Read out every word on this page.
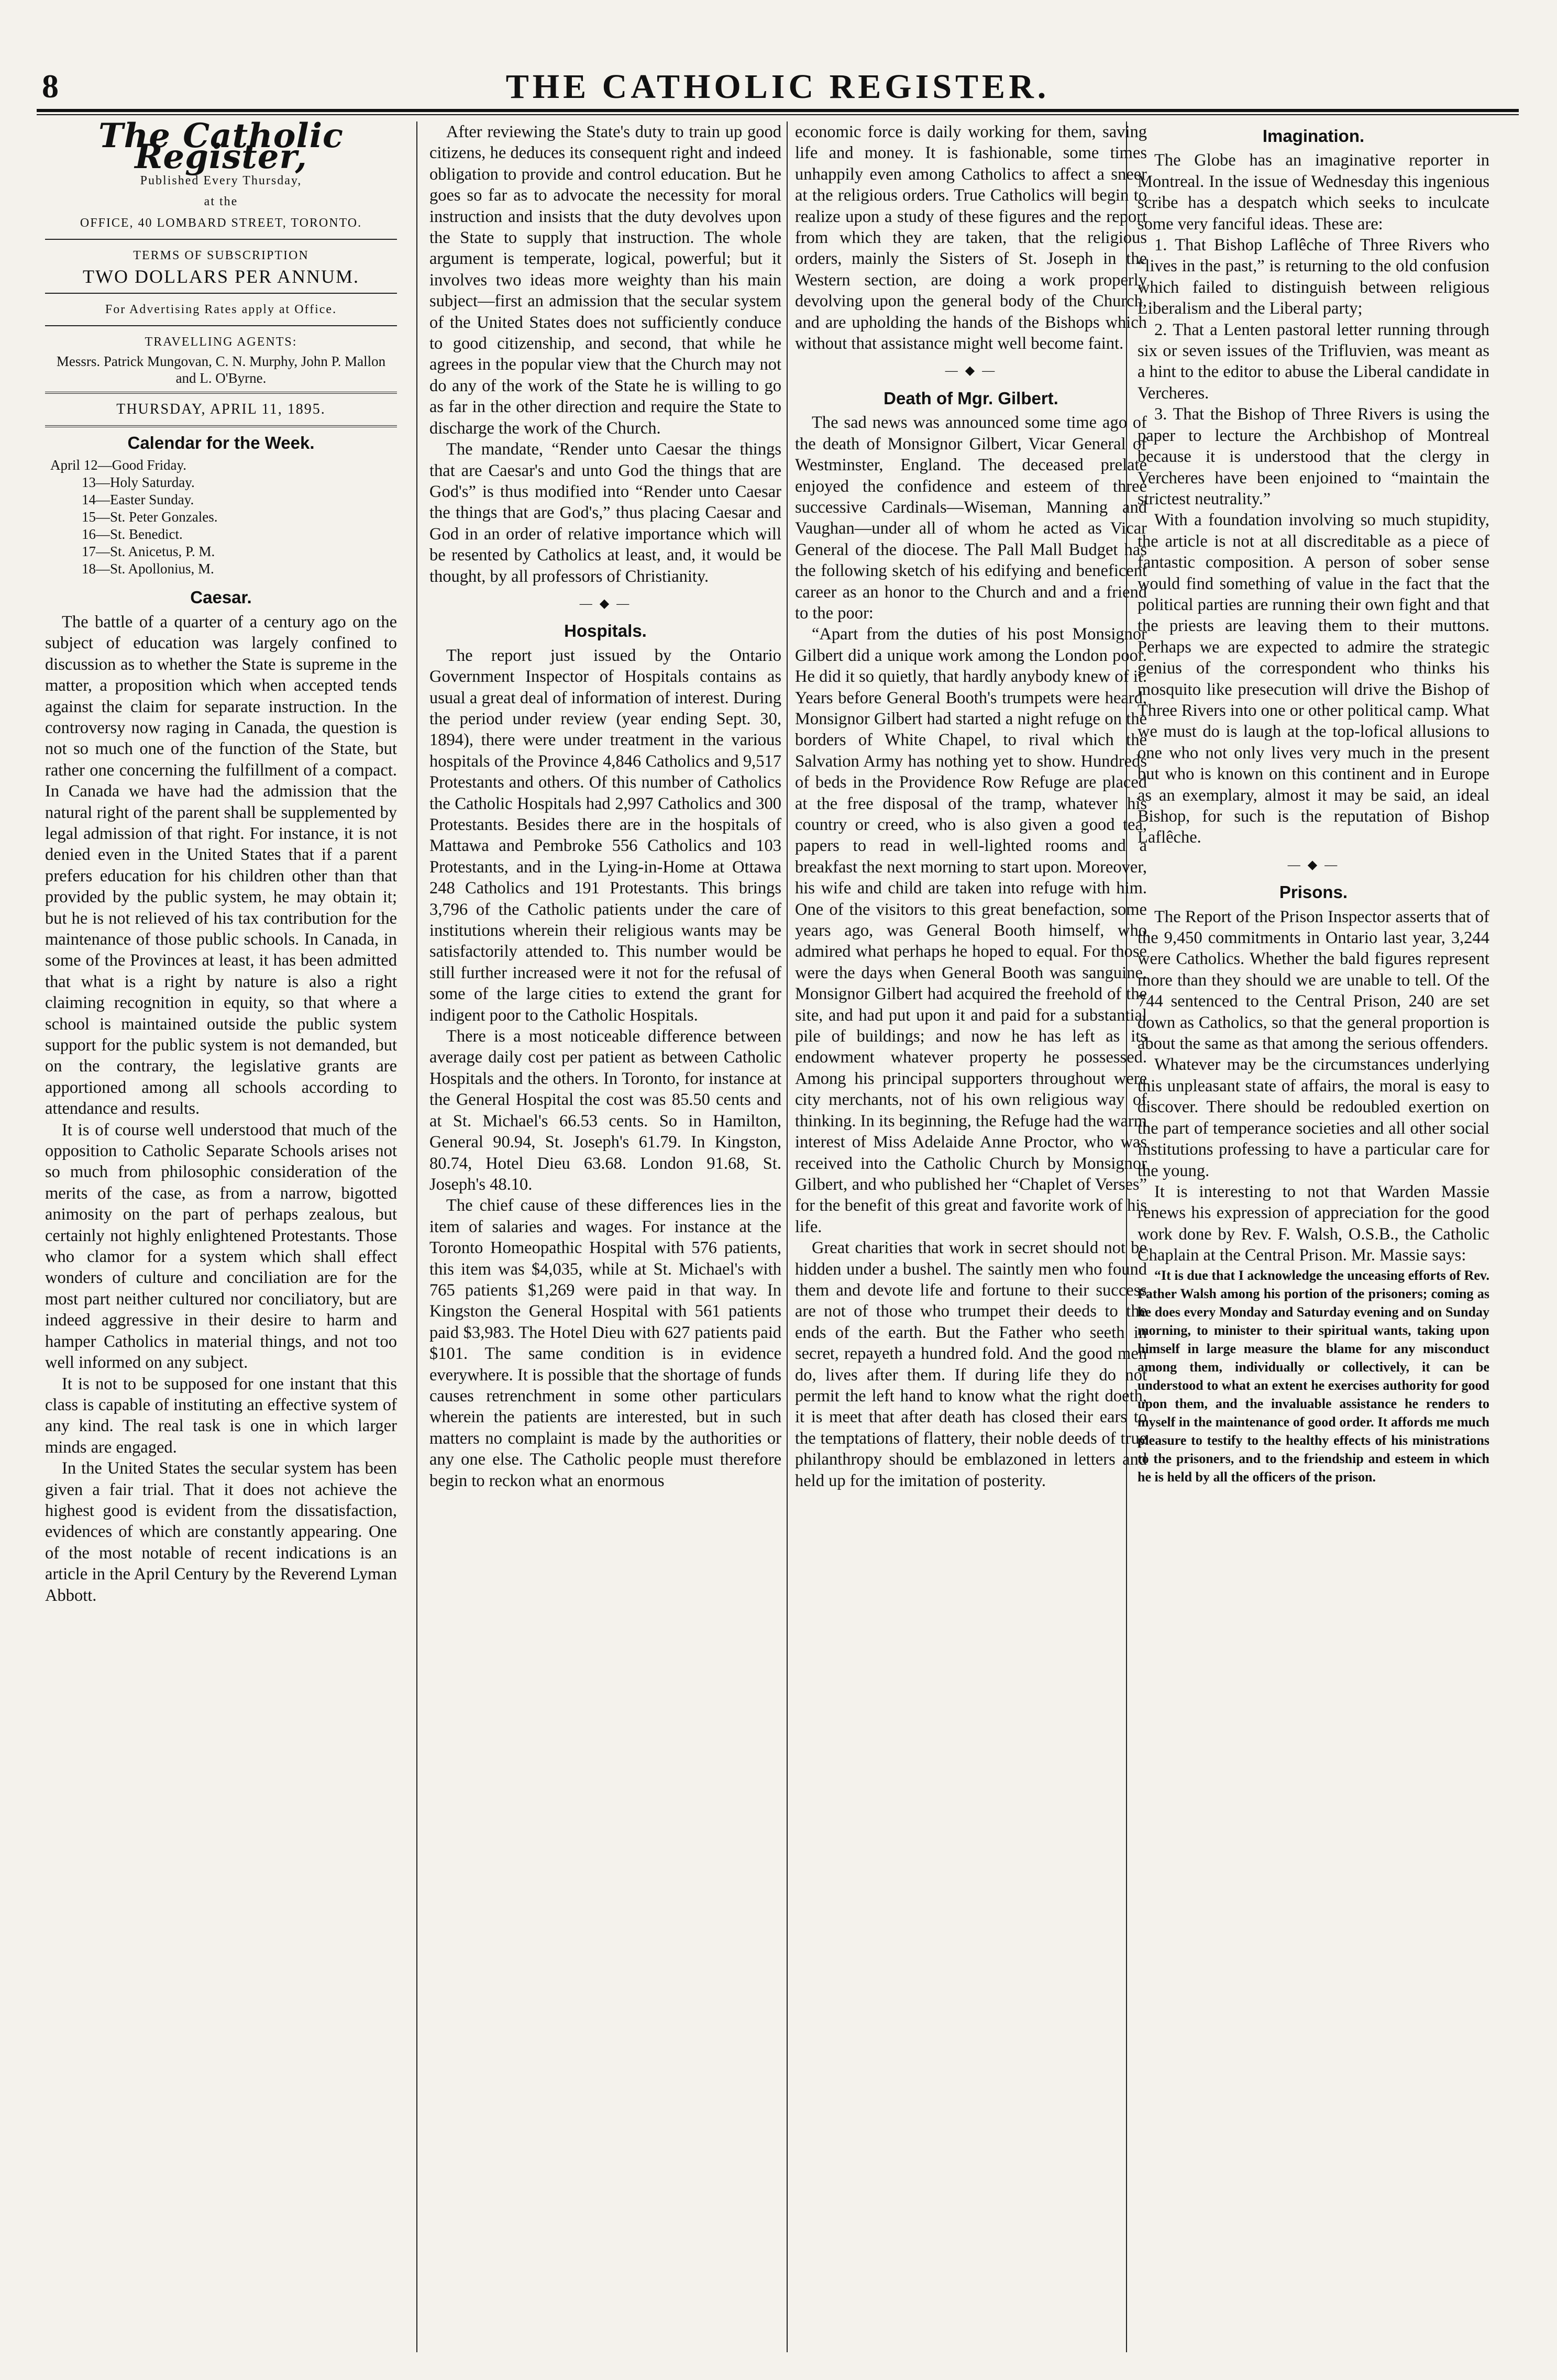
8	THE CATHOLIC REGISTER.
The Catholic Register,
Published Every Thursday,
at the
OFFICE, 40 LOMBARD STREET, TORONTO.
TERMS OF SUBSCRIPTION
TWO DOLLARS PER ANNUM.
For Advertising Rates apply at Office.
TRAVELLING AGENTS:

Messrs. Patrick Mungovan, C. N. Murphy, John P. Mallon and L. O'Byrne.

THURSDAY, APRIL 11, 1895.
Calendar for the Week.
April 12—Good Friday.
13—Holy Saturday.
14—Easter Sunday.
15—St. Peter Gonzales.
16—St. Benedict.
17—St. Anicetus, P. M.
18—St. Apollonius, M.
Caesar.

The battle of a quarter of a century ago on the subject of education was largely confined to discussion as to whether the State is supreme in the matter, a proposition which when accepted tends against the claim for separate instruction. In the controversy now raging in Canada, the question is not so much one of the function of the State, but rather one concerning the fulfillment of a compact. In Canada we have had the admission that the natural right of the parent shall be supplemented by legal admission of that right. For instance, it is not denied even in the United States that if a parent prefers education for his children other than that provided by the public system, he may obtain it; but he is not relieved of his tax contribution for the maintenance of those public schools. In Canada, in some of the Provinces at least, it has been admitted that what is a right by nature is also a right claiming recognition in equity, so that where a school is maintained outside the public system support for the public system is not demanded, but on the contrary, the legislative grants are apportioned among all schools according to attendance and results.

It is of course well understood that much of the opposition to Catholic Separate Schools arises not so much from philosophic consideration of the merits of the case, as from a narrow, bigotted animosity on the part of perhaps zealous, but certainly not highly enlightened Protestants. Those who clamor for a system which shall effect wonders of culture and conciliation are for the most part neither cultured nor conciliatory, but are indeed aggressive in their desire to harm and hamper Catholics in material things, and not too well informed on any subject.

It is not to be supposed for one instant that this class is capable of instituting an effective system of any kind. The real task is one in which larger minds are engaged.

In the United States the secular system has been given a fair trial. That it does not achieve the highest good is evident from the dissatisfaction, evidences of which are constantly appearing. One of the most notable of recent indications is an article in the April Century by the Reverend Lyman Abbott.

After reviewing the State's duty to train up good citizens, he deduces its consequent right and indeed obligation to provide and control education. But he goes so far as to advocate the necessity for moral instruction and insists that the duty devolves upon the State to supply that instruction. The whole argument is temperate, logical, powerful; but it involves two ideas more weighty than his main subject—first an admission that the secular system of the United States does not sufficiently conduce to good citizenship, and second, that while he agrees in the popular view that the Church may not do any of the work of the State he is willing to go as far in the other direction and require the State to discharge the work of the Church.

The mandate, “Render unto Caesar the things that are Caesar's and unto God the things that are God's” is thus modified into “Render unto Caesar the things that are God's,” thus placing Caesar and God in an order of relative importance which will be resented by Catholics at least, and, it would be thought, by all professors of Christianity.

— ◆ —
Hospitals.

The report just issued by the Ontario Government Inspector of Hospitals contains as usual a great deal of information of interest. During the period under review (year ending Sept. 30, 1894), there were under treatment in the various hospitals of the Province 4,846 Catholics and 9,517 Protestants and others. Of this number of Catholics the Catholic Hospitals had 2,997 Catholics and 300 Protestants. Besides there are in the hospitals of Mattawa and Pembroke 556 Catholics and 103 Protestants, and in the Lying-in-Home at Ottawa 248 Catholics and 191 Protestants. This brings 3,796 of the Catholic patients under the care of institutions wherein their religious wants may be satisfactorily attended to. This number would be still further increased were it not for the refusal of some of the large cities to extend the grant for indigent poor to the Catholic Hospitals.

There is a most noticeable difference between average daily cost per patient as between Catholic Hospitals and the others. In Toronto, for instance at the General Hospital the cost was 85.50 cents and at St. Michael's 66.53 cents. So in Hamilton, General 90.94, St. Joseph's 61.79. In Kingston, 80.74, Hotel Dieu 63.68. London 91.68, St. Joseph's 48.10.

The chief cause of these differences lies in the item of salaries and wages. For instance at the Toronto Homeopathic Hospital with 576 patients, this item was $4,035, while at St. Michael's with 765 patients $1,269 were paid in that way. In Kingston the General Hospital with 561 patients paid $3,983. The Hotel Dieu with 627 patients paid $101. The same condition is in evidence everywhere. It is possible that the shortage of funds causes retrenchment in some other particulars wherein the patients are interested, but in such matters no complaint is made by the authorities or any one else. The Catholic people must therefore begin to reckon what an enormous

economic force is daily working for them, saving life and money. It is fashionable, some times unhappily even among Catholics to affect a sneer at the religious orders. True Catholics will begin to realize upon a study of these figures and the report from which they are taken, that the religious orders, mainly the Sisters of St. Joseph in the Western section, are doing a work properly devolving upon the general body of the Church, and are upholding the hands of the Bishops which without that assistance might well become faint.

— ◆ —
Death of Mgr. Gilbert.

The sad news was announced some time ago of the death of Monsignor Gilbert, Vicar General of Westminster, England. The deceased prelate enjoyed the confidence and esteem of three successive Cardinals—Wiseman, Manning and Vaughan—under all of whom he acted as Vicar General of the diocese. The Pall Mall Budget has the following sketch of his edifying and beneficent career as an honor to the Church and and a friend to the poor:

“Apart from the duties of his post Monsignor Gilbert did a unique work among the London poor. He did it so quietly, that hardly anybody knew of it. Years before General Booth's trumpets were heard, Monsignor Gilbert had started a night refuge on the borders of White Chapel, to rival which the Salvation Army has nothing yet to show. Hundreds of beds in the Providence Row Refuge are placed at the free disposal of the tramp, whatever his country or creed, who is also given a good tea, papers to read in well-lighted rooms and a breakfast the next morning to start upon. Moreover, his wife and child are taken into refuge with him. One of the visitors to this great benefaction, some years ago, was General Booth himself, who admired what perhaps he hoped to equal. For those were the days when General Booth was sanguine. Monsignor Gilbert had acquired the freehold of the site, and had put upon it and paid for a substantial pile of buildings; and now he has left as its endowment whatever property he possessed. Among his principal supporters throughout were city merchants, not of his own religious way of thinking. In its beginning, the Refuge had the warm interest of Miss Adelaide Anne Proctor, who was received into the Catholic Church by Monsignor Gilbert, and who published her “Chaplet of Verses” for the benefit of this great and favorite work of his life.

Great charities that work in secret should not be hidden under a bushel. The saintly men who found them and devote life and fortune to their success are not of those who trumpet their deeds to the ends of the earth. But the Father who seeth in secret, repayeth a hundred fold. And the good men do, lives after them. If during life they do not permit the left hand to know what the right doeth, it is meet that after death has closed their ears to the temptations of flattery, their noble deeds of true philanthropy should be emblazoned in letters and held up for the imitation of posterity.

Imagination.

The Globe has an imaginative reporter in Montreal. In the issue of Wednesday this ingenious scribe has a despatch which seeks to inculcate some very fanciful ideas. These are:

1. That Bishop Laflêche of Three Rivers who “lives in the past,” is returning to the old confusion which failed to distinguish between religious Liberalism and the Liberal party;

2. That a Lenten pastoral letter running through six or seven issues of the Trifluvien, was meant as a hint to the editor to abuse the Liberal candidate in Vercheres.

3. That the Bishop of Three Rivers is using the paper to lecture the Archbishop of Montreal because it is understood that the clergy in Vercheres have been enjoined to “maintain the strictest neutrality.”

With a foundation involving so much stupidity, the article is not at all discreditable as a piece of fantastic composition. A person of sober sense would find something of value in the fact that the political parties are running their own fight and that the priests are leaving them to their muttons. Perhaps we are expected to admire the strategic genius of the correspondent who thinks his mosquito like presecution will drive the Bishop of Three Rivers into one or other political camp. What we must do is laugh at the top-lofical allusions to one who not only lives very much in the present but who is known on this continent and in Europe as an exemplary, almost it may be said, an ideal Bishop, for such is the reputation of Bishop Laflêche.

— ◆ —
Prisons.

The Report of the Prison Inspector asserts that of the 9,450 commitments in Ontario last year, 3,244 were Catholics. Whether the bald figures represent more than they should we are unable to tell. Of the 744 sentenced to the Central Prison, 240 are set down as Catholics, so that the general proportion is about the same as that among the serious offenders.

Whatever may be the circumstances underlying this unpleasant state of affairs, the moral is easy to discover. There should be redoubled exertion on the part of temperance societies and all other social institutions professing to have a particular care for the young.

It is interesting to not that Warden Massie renews his expression of appreciation for the good work done by Rev. F. Walsh, O.S.B., the Catholic Chaplain at the Central Prison. Mr. Massie says:

“It is due that I acknowledge the unceasing efforts of Rev. Father Walsh among his portion of the prisoners; coming as he does every Monday and Saturday evening and on Sunday morning, to minister to their spiritual wants, taking upon himself in large measure the blame for any misconduct among them, individually or collectively, it can be understood to what an extent he exercises authority for good upon them, and the invaluable assistance he renders to myself in the maintenance of good order. It affords me much pleasure to testify to the healthy effects of his ministrations to the prisoners, and to the friendship and esteem in which he is held by all the officers of the prison.
